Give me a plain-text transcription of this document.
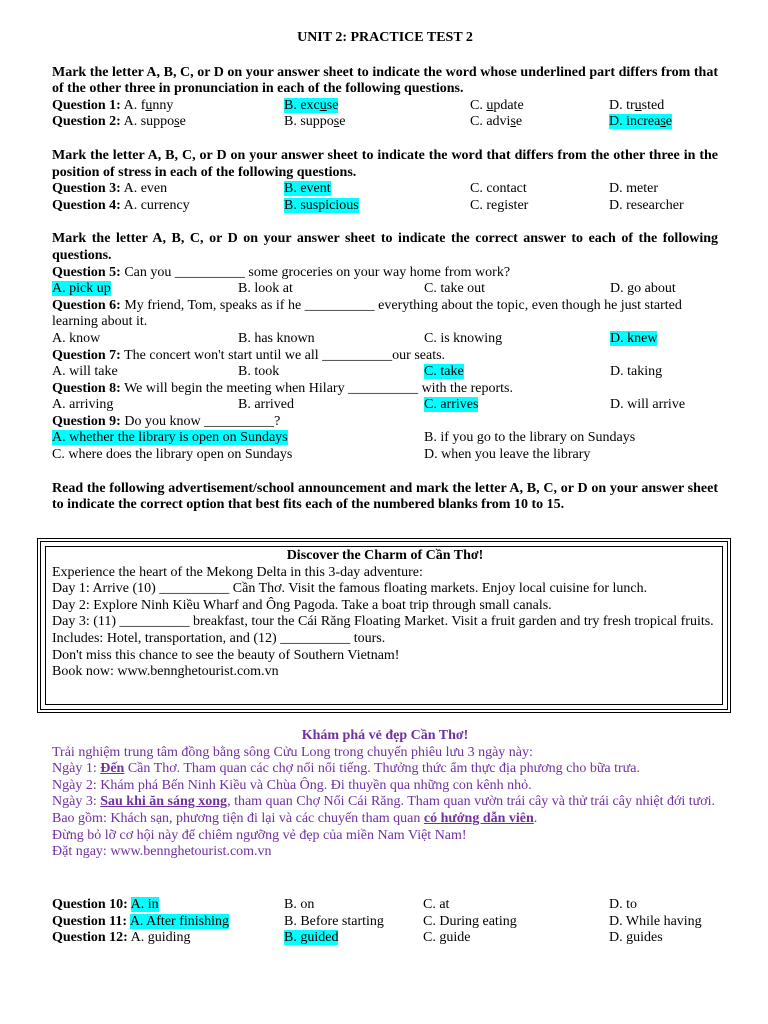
UNIT 2: PRACTICE TEST 2

Mark the letter A, B, C, or D on your answer sheet to indicate the word whose underlined part differs from that of the other three in pronunciation in each of the following questions.

Question 1: A. funny	B. excuse	C. update	D. trusted
Question 2: A. suppose	B. suppose	C. advise	D. increase

Mark the letter A, B, C, or D on your answer sheet to indicate the word that differs from the other three in the position of stress in each of the following questions.

Question 3: A. even	B. event	C. contact	D. meter
Question 4: A. currency	B. suspicious	C. register	D. researcher

Mark the letter A, B, C, or D on your answer sheet to indicate the correct answer to each of the following questions.

Question 5: Can you __________ some groceries on your way home from work?
A. pick up	B. look at	C. take out	D. go about
Question 6: My friend, Tom, speaks as if he __________ everything about the topic, even though he just started learning about it.
A. know	B. has known	C. is knowing	D. knew
Question 7: The concert won't start until we all __________our seats.
A. will take	B. took	C. take	D. taking
Question 8: We will begin the meeting when Hilary __________ with the reports.
A. arriving	B. arrived	C. arrives	D. will arrive
Question 9: Do you know __________?
A. whether the library is open on Sundays	B. if you go to the library on Sundays
C. where does the library open on Sundays	D. when you leave the library

Read the following advertisement/school announcement and mark the letter A, B, C, or D on your answer sheet to indicate the correct option that best fits each of the numbered blanks from 10 to 15.

Discover the Charm of Cần Thơ!
Experience the heart of the Mekong Delta in this 3-day adventure:
Day 1: Arrive (10) __________ Cần Thơ. Visit the famous floating markets. Enjoy local cuisine for lunch.
Day 2: Explore Ninh Kiều Wharf and Ông Pagoda. Take a boat trip through small canals.
Day 3: (11) __________ breakfast, tour the Cái Răng Floating Market. Visit a fruit garden and try fresh tropical fruits.
Includes: Hotel, transportation, and (12) __________ tours.
Don't miss this chance to see the beauty of Southern Vietnam!
Book now: www.bennghetourist.com.vn
Khám phá vẻ đẹp Cần Thơ!
Trải nghiệm trung tâm đồng bằng sông Cửu Long trong chuyến phiêu lưu 3 ngày này:
Ngày 1: Đến Cần Thơ. Tham quan các chợ nổi nổi tiếng. Thưởng thức ẩm thực địa phương cho bữa trưa.
Ngày 2: Khám phá Bến Ninh Kiều và Chùa Ông. Đi thuyền qua những con kênh nhỏ.
Ngày 3: Sau khi ăn sáng xong, tham quan Chợ Nổi Cái Răng. Tham quan vườn trái cây và thử trái cây nhiệt đới tươi.
Bao gồm: Khách sạn, phương tiện đi lại và các chuyến tham quan có hướng dẫn viên.
Đừng bỏ lỡ cơ hội này để chiêm ngưỡng vẻ đẹp của miền Nam Việt Nam!
Đặt ngay: www.bennghetourist.com.vn
Question 10: A. in	B. on	C. at	D. to
Question 11: A. After finishing	B. Before starting	C. During eating	D. While having
Question 12: A. guiding	B. guided	C. guide	D. guides
